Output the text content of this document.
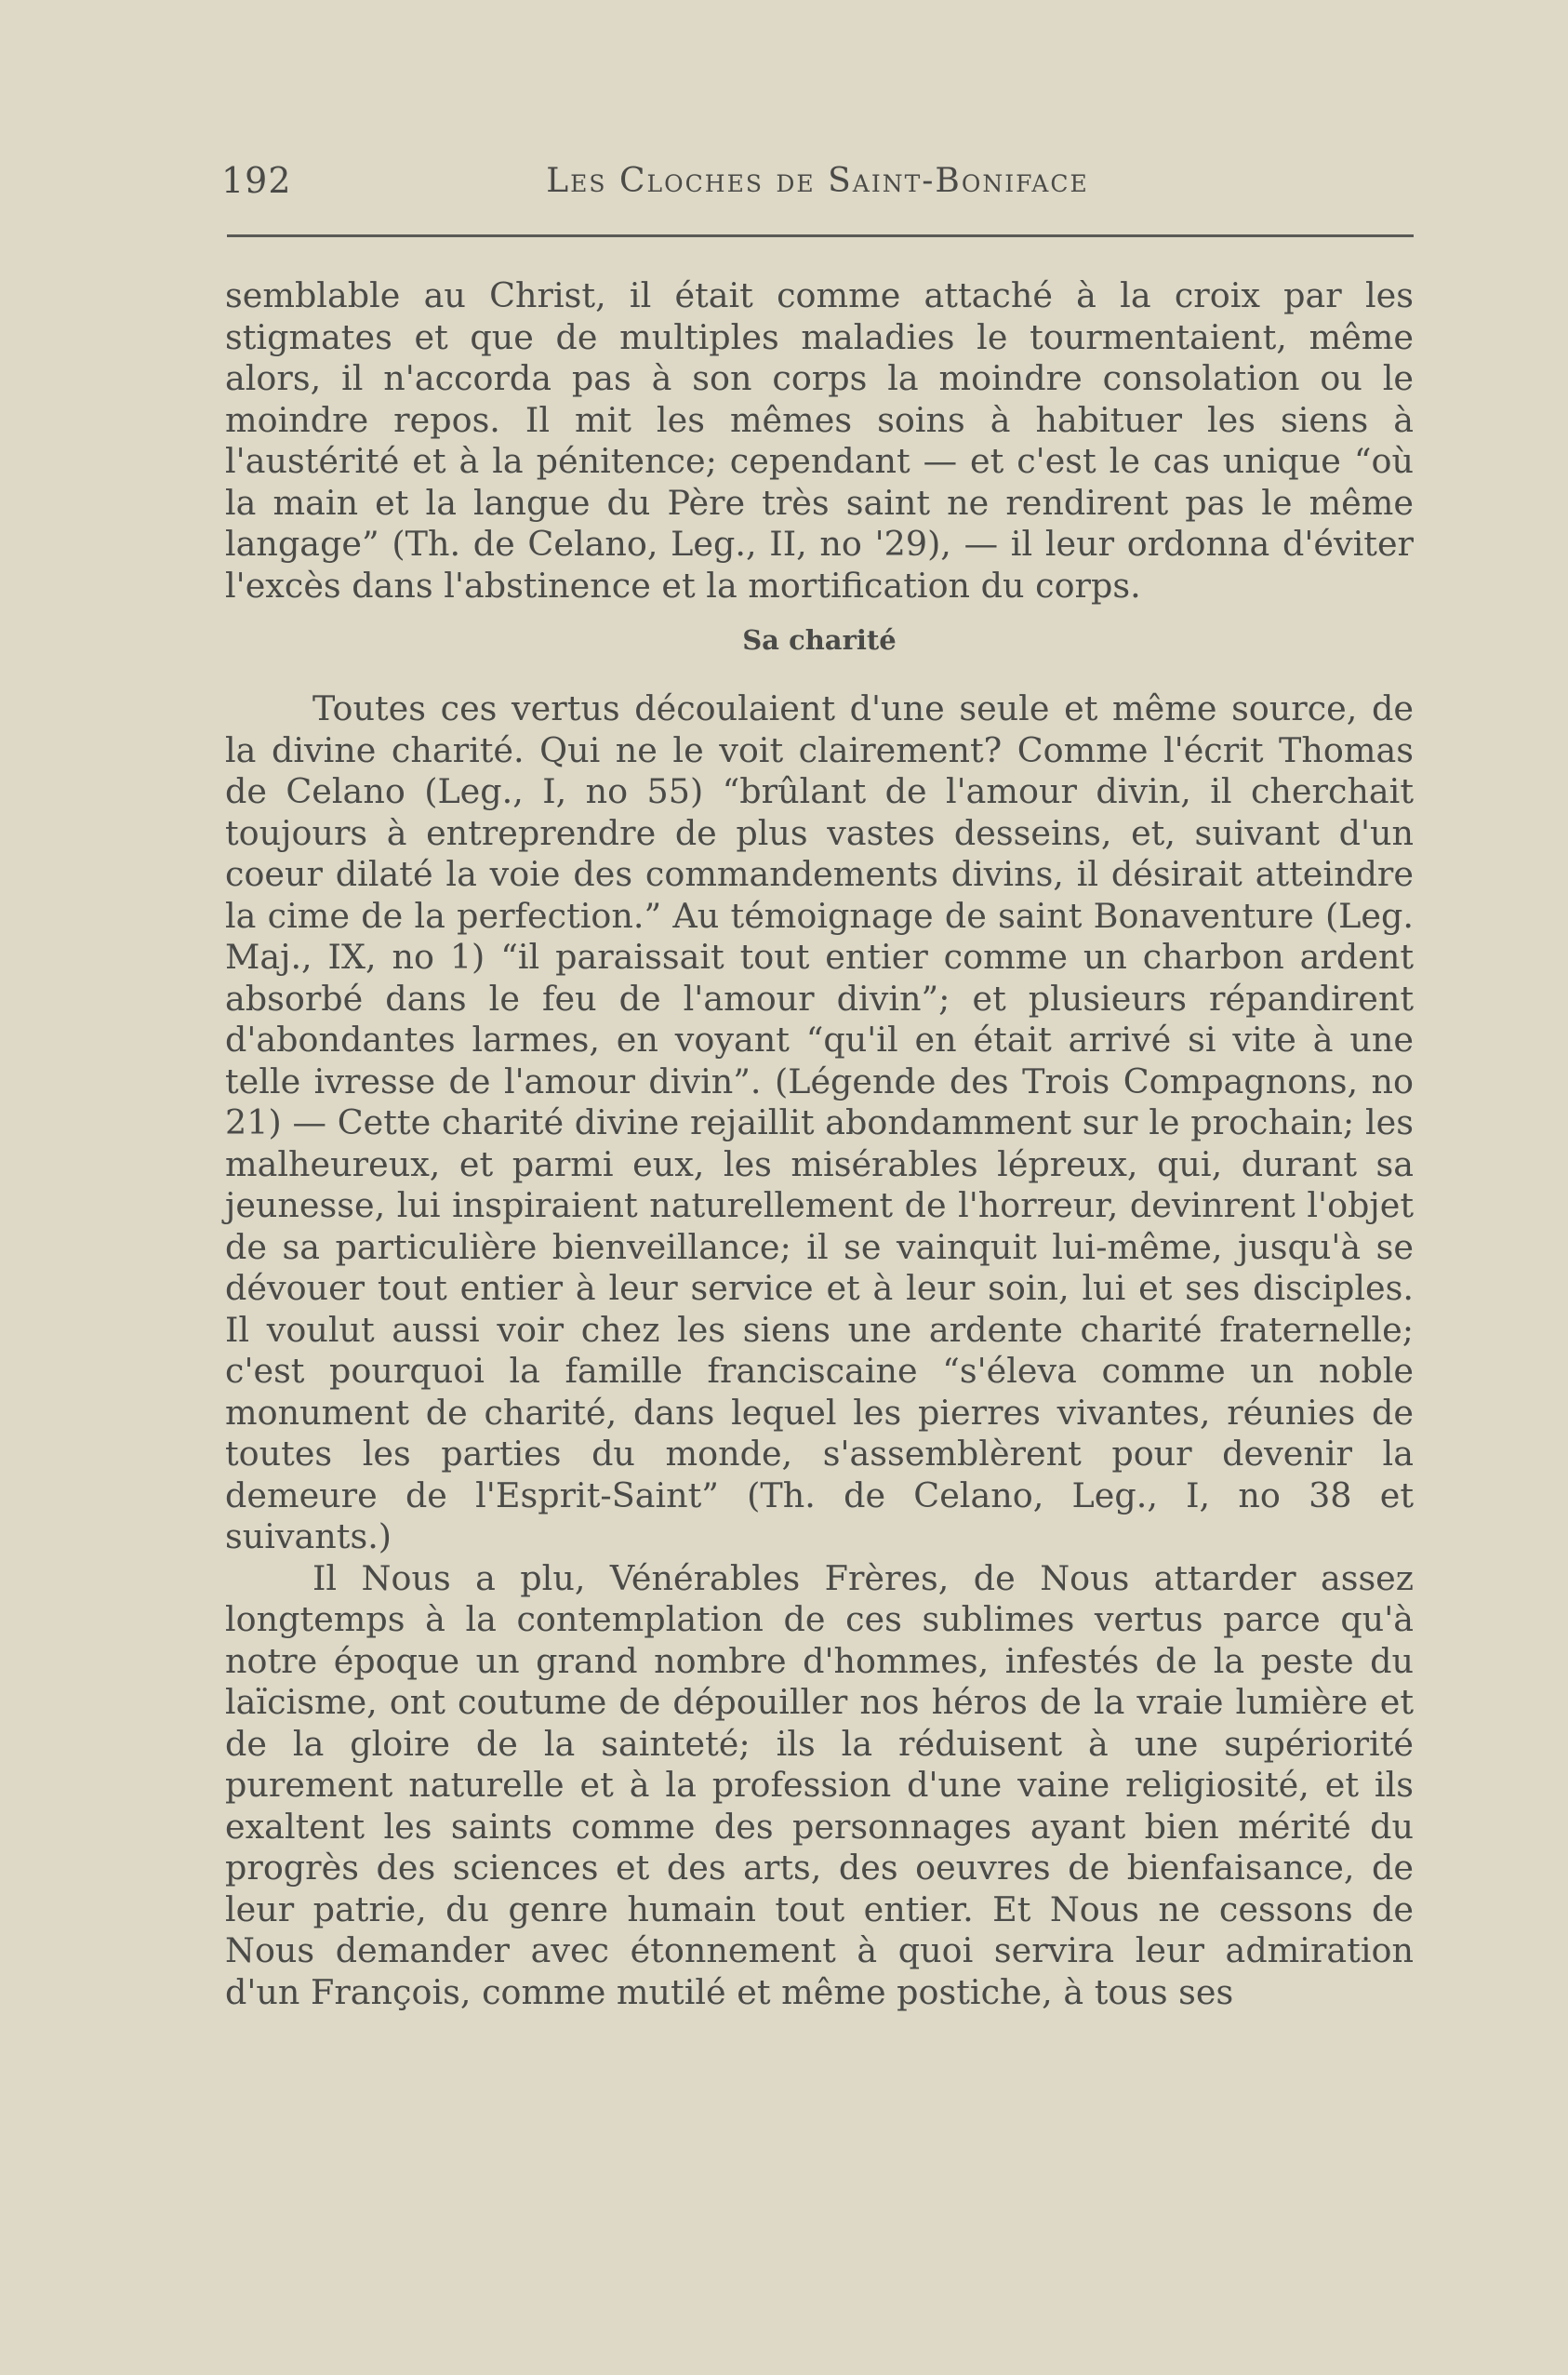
192	Les Cloches de Saint-Boniface

semblable au Christ, il était comme attaché à la croix par les stigmates et que de multiples maladies le tourmentaient, même alors, il n'accorda pas à son corps la moindre consolation ou le moindre repos. Il mit les mêmes soins à habituer les siens à l'austérité et à la pénitence; cependant — et c'est le cas unique “où la main et la langue du Père très saint ne rendirent pas le même langage” (Th. de Celano, Leg., II, no '29), — il leur ordonna d'éviter l'excès dans l'abstinence et la mortification du corps.

Sa charité

Toutes ces vertus découlaient d'une seule et même source, de la divine charité. Qui ne le voit clairement? Comme l'écrit Thomas de Celano (Leg., I, no 55) “brûlant de l'amour divin, il cherchait toujours à entreprendre de plus vastes desseins, et, suivant d'un coeur dilaté la voie des commandements divins, il désirait atteindre la cime de la perfection.” Au témoignage de saint Bonaventure (Leg. Maj., IX, no 1) “il paraissait tout entier comme un charbon ardent absorbé dans le feu de l'amour divin”; et plusieurs répandirent d'abondantes larmes, en voyant “qu'il en était arrivé si vite à une telle ivresse de l'amour divin”. (Légende des Trois Compagnons, no 21) — Cette charité divine rejaillit abondamment sur le prochain; les malheureux, et parmi eux, les misérables lépreux, qui, durant sa jeunesse, lui inspiraient naturellement de l'horreur, devinrent l'objet de sa particulière bienveillance; il se vainquit lui-même, jusqu'à se dévouer tout entier à leur service et à leur soin, lui et ses disciples. Il voulut aussi voir chez les siens une ardente charité fraternelle; c'est pourquoi la famille franciscaine “s'éleva comme un noble monument de charité, dans lequel les pierres vivantes, réunies de toutes les parties du monde, s'assemblèrent pour devenir la demeure de l'Esprit-Saint” (Th. de Celano, Leg., I, no 38 et suivants.)

Il Nous a plu, Vénérables Frères, de Nous attarder assez longtemps à la contemplation de ces sublimes vertus parce qu'à notre époque un grand nombre d'hommes, infestés de la peste du laïcisme, ont coutume de dépouiller nos héros de la vraie lumière et de la gloire de la sainteté; ils la réduisent à une supériorité purement naturelle et à la profession d'une vaine religiosité, et ils exaltent les saints comme des personnages ayant bien mérité du progrès des sciences et des arts, des oeuvres de bienfaisance, de leur patrie, du genre humain tout entier. Et Nous ne cessons de Nous demander avec étonnement à quoi servira leur admiration d'un François, comme mutilé et même postiche, à tous ses
